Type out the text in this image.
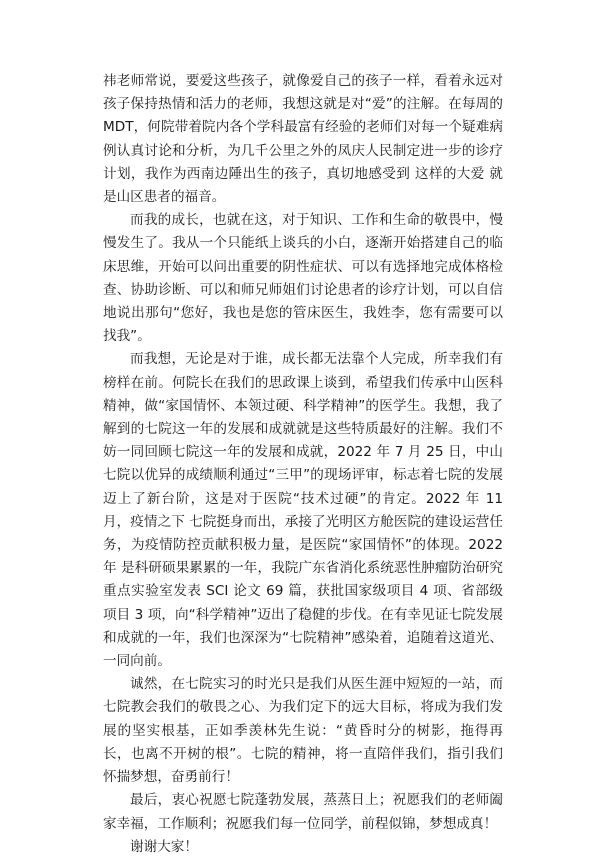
祎老师常说，要爱这些孩子，就像爱自己的孩子一样，看着永远对孩子保持热情和活力的老师，我想这就是对“爱”的注解。在每周的 MDT，何院带着院内各个学科最富有经验的老师们对每一个疑难病例认真讨论和分析，为几千公里之外的凤庆人民制定进一步的诊疗计划，我作为西南边陲出生的孩子，真切地感受到 这样的大爱 就是山区患者的福音。

而我的成长，也就在这，对于知识、工作和生命的敬畏中，慢慢发生了。我从一个只能纸上谈兵的小白，逐渐开始搭建自己的临床思维，开始可以问出重要的阴性症状、可以有选择地完成体格检查、协助诊断、可以和师兄师姐们讨论患者的诊疗计划，可以自信地说出那句“您好，我也是您的管床医生，我姓李，您有需要可以找我”。

而我想，无论是对于谁，成长都无法靠个人完成，所幸我们有榜样在前。何院长在我们的思政课上谈到，希望我们传承中山医科精神，做“家国情怀、本领过硬、科学精神”的医学生。我想，我了解到的七院这一年的发展和成就就是这些特质最好的注解。我们不妨一同回顾七院这一年的发展和成就，2022 年 7 月 25 日，中山七院以优异的成绩顺利通过“三甲”的现场评审，标志着七院的发展迈上了新台阶，这是对于医院“技术过硬”的肯定。2022 年 11 月，疫情之下 七院挺身而出，承接了光明区方舱医院的建设运营任务，为疫情防控贡献积极力量，是医院“家国情怀”的体现。2022 年 是科研硕果累累的一年，我院广东省消化系统恶性肿瘤防治研究重点实验室发表 SCI 论文 69 篇，获批国家级项目 4 项、省部级项目 3 项，向“科学精神”迈出了稳健的步伐。在有幸见证七院发展和成就的一年，我们也深深为“七院精神”感染着，追随着这道光、一同向前。

诚然，在七院实习的时光只是我们从医生涯中短短的一站，而七院教会我们的敬畏之心、为我们定下的远大目标，将成为我们发展的坚实根基，正如季羡林先生说：“黄昏时分的树影，拖得再长，也离不开树的根”。七院的精神，将一直陪伴我们，指引我们怀揣梦想，奋勇前行！

最后，衷心祝愿七院蓬勃发展，蒸蒸日上；祝愿我们的老师阖家幸福，工作顺利；祝愿我们每一位同学，前程似锦，梦想成真！

谢谢大家！
